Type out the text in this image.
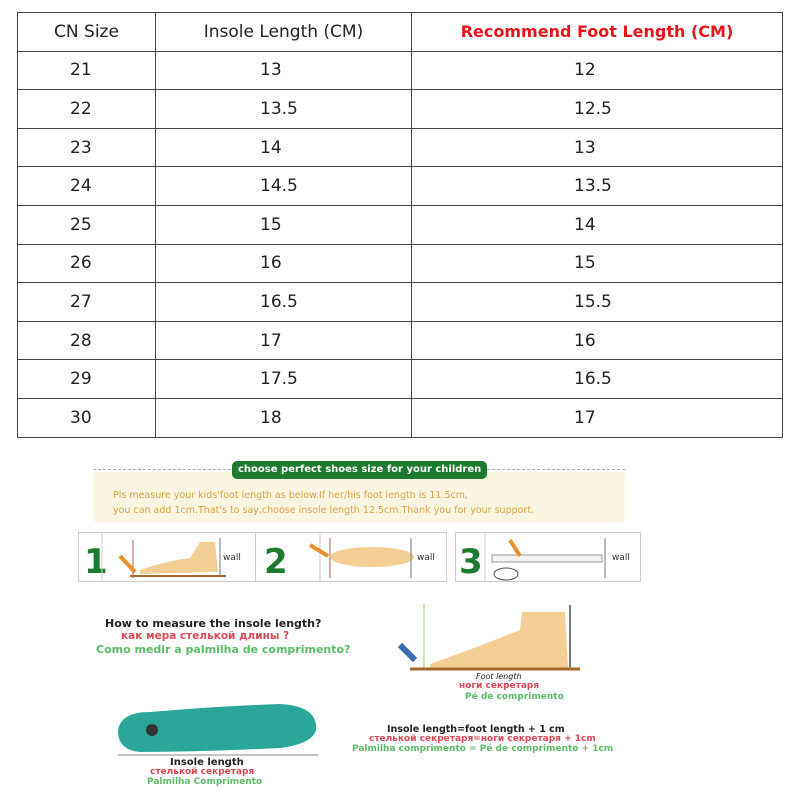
CN Size	Insole Length (CM)	Recommend Foot Length (CM)
21	13	12
22	13.5	12.5
23	14	13
24	14.5	13.5
25	15	14
26	16	15
27	16.5	15.5
28	17	16
29	17.5	16.5
30	18	17
choose perfect shoes size for your children
Pls measure your kids'foot length as below.If her/his foot length is 11.5cm,
you can add 1cm.That's to say,choose insole length 12.5cm.Thank you for your support.
1	2	3
wall	wall	wall
How to measure the insole length?
как мера стелькой длины ?
Como medir a palmilha de comprimento?
Foot length
ноги секретаря
Pé de comprimento
Insole length
стелькой секретаря
Palmilha Comprimento
Insole length=foot length + 1 cm
стелькой секретаря=ноги секретаря + 1cm
Palmilha comprimento = Pé de comprimento + 1cm
